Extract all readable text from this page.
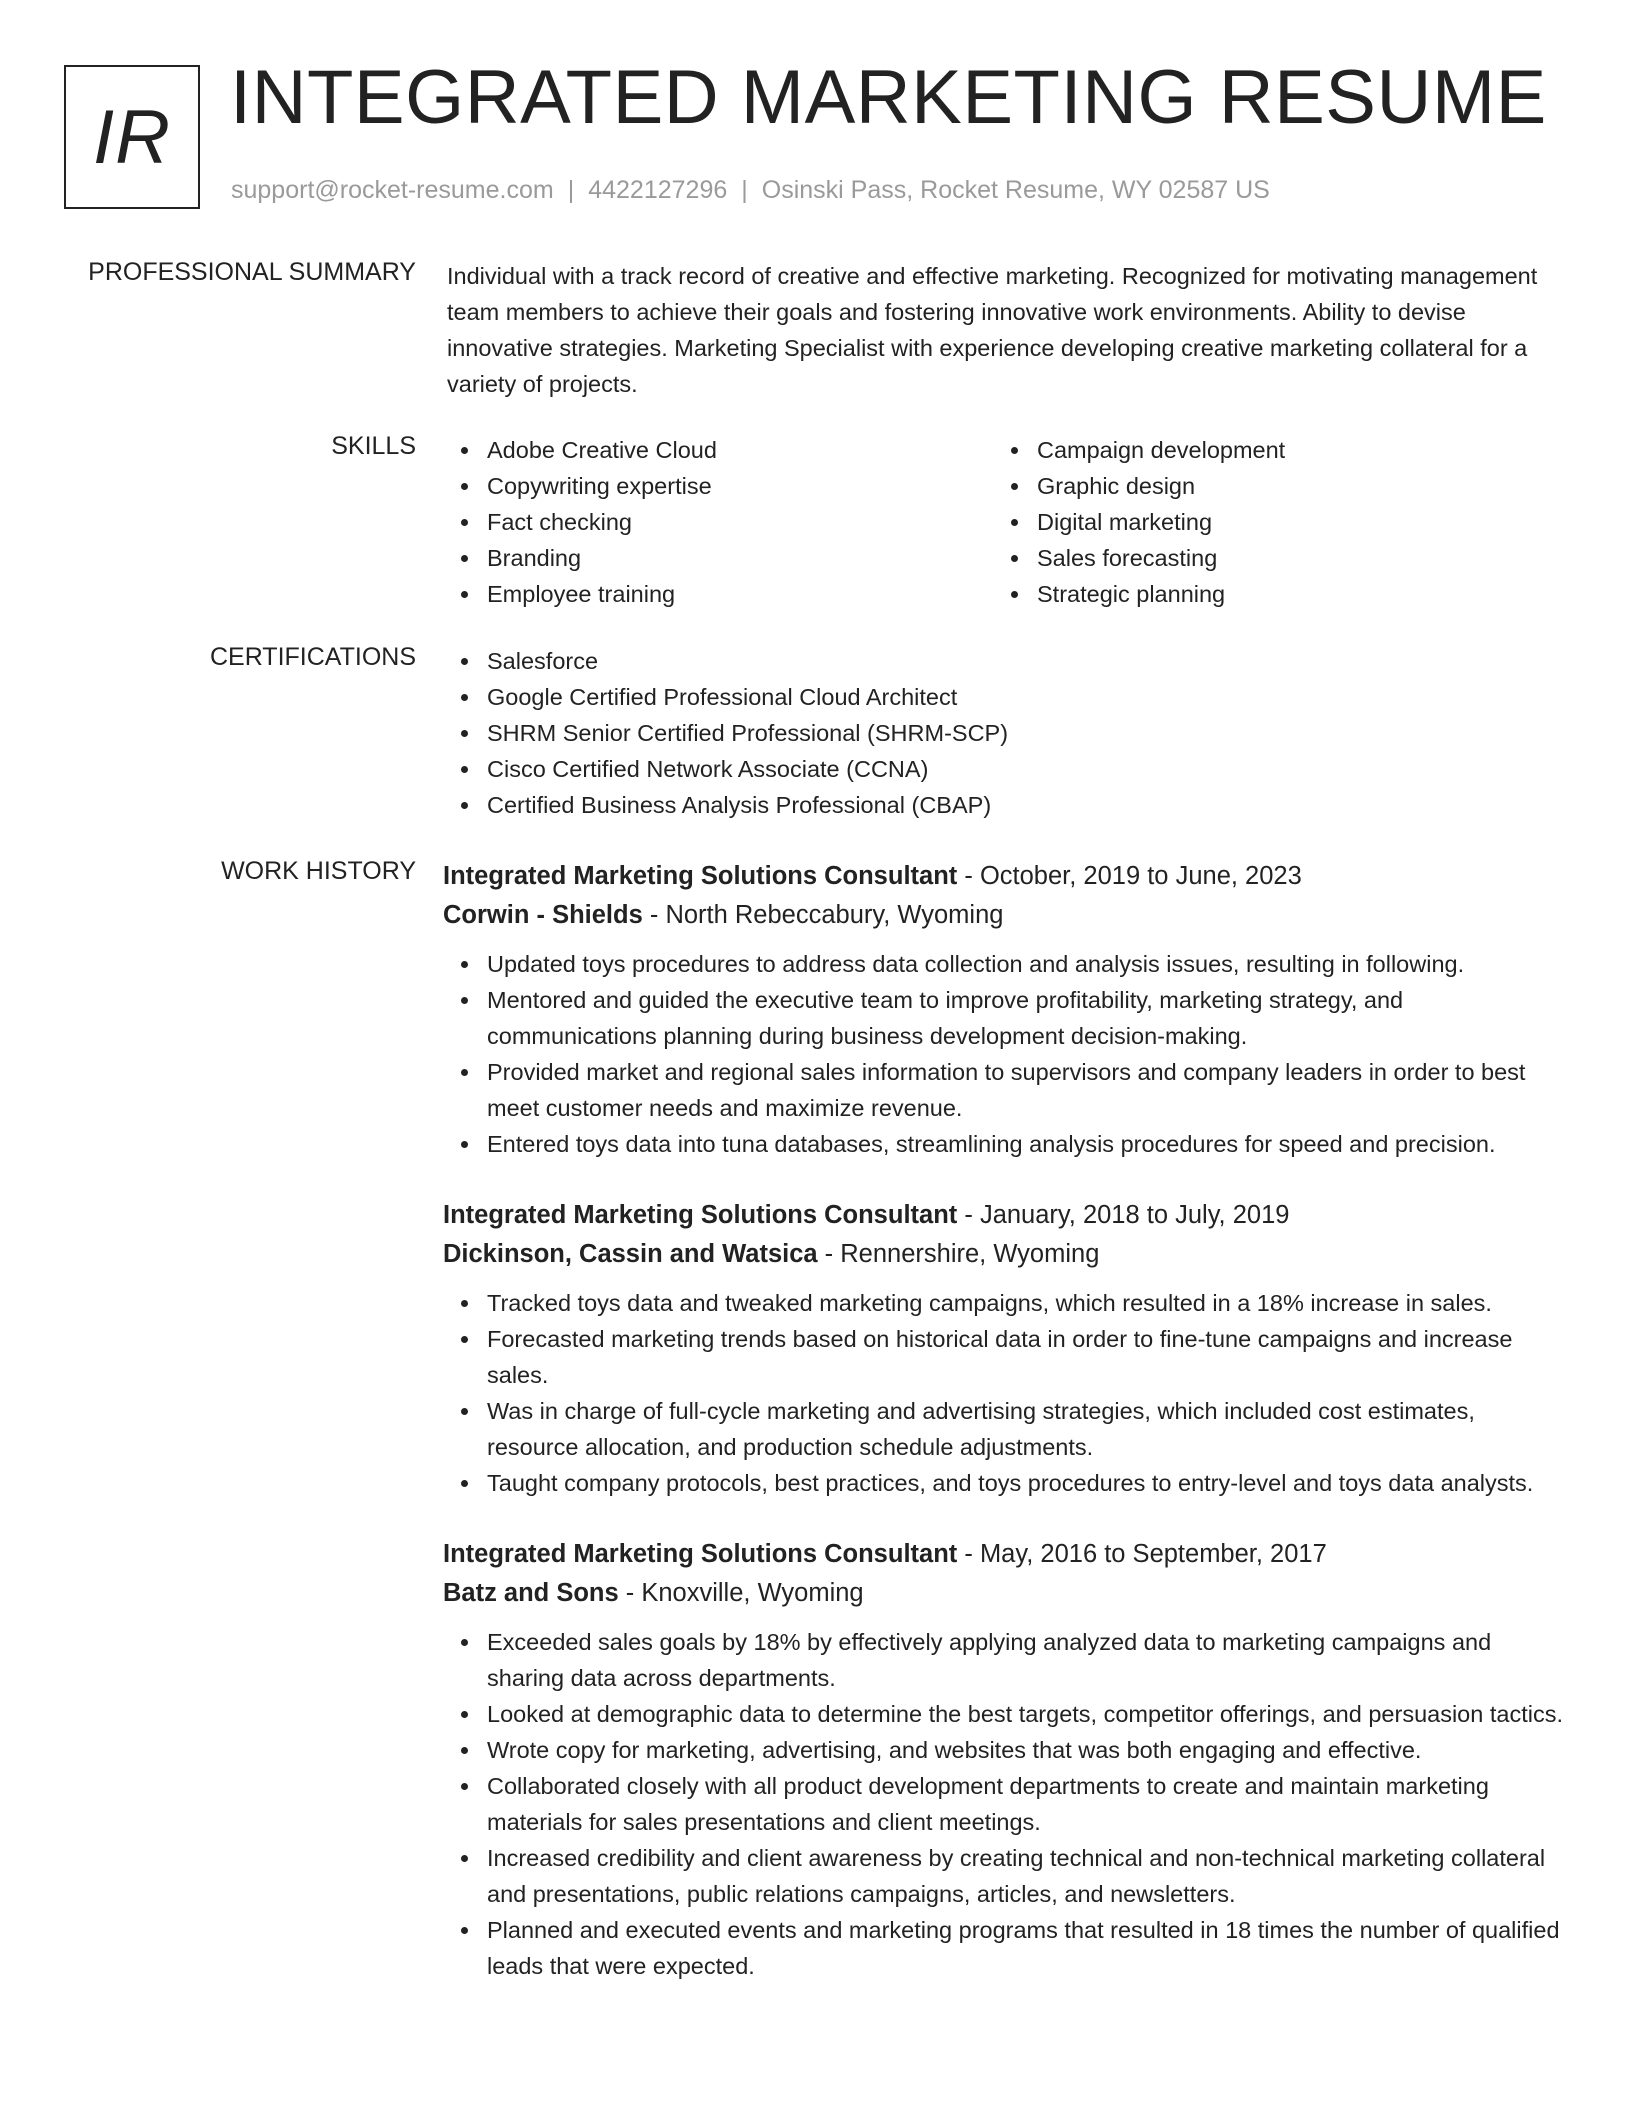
IR INTEGRATED MARKETING RESUME
support@rocket-resume.com | 4422127296 | Osinski Pass, Rocket Resume, WY 02587 US
PROFESSIONAL SUMMARY Individual with a track record of creative and effective marketing. Recognized for motivating management team members to achieve their goals and fostering innovative work environments. Ability to devise innovative strategies. Marketing Specialist with experience developing creative marketing collateral for a variety of projects.
SKILLS	Adobe Creative Cloud
Copywriting expertise
Fact checking
Branding
Employee training
Campaign development
Graphic design
Digital marketing
Sales forecasting
Strategic planning
CERTIFICATIONS	Salesforce
Google Certified Professional Cloud Architect
SHRM Senior Certified Professional (SHRM-SCP)
Cisco Certified Network Associate (CCNA)
Certified Business Analysis Professional (CBAP)
WORK HISTORY Integrated Marketing Solutions Consultant - October, 2019 to June, 2023
Corwin - Shields - North Rebeccabury, Wyoming
Updated toys procedures to address data collection and analysis issues, resulting in following.
Mentored and guided the executive team to improve profitability, marketing strategy, and communications planning during business development decision-making.
Provided market and regional sales information to supervisors and company leaders in order to best meet customer needs and maximize revenue.
Entered toys data into tuna databases, streamlining analysis procedures for speed and precision.
Integrated Marketing Solutions Consultant - January, 2018 to July, 2019
Dickinson, Cassin and Watsica - Rennershire, Wyoming
Tracked toys data and tweaked marketing campaigns, which resulted in a 18% increase in sales.
Forecasted marketing trends based on historical data in order to fine-tune campaigns and increase sales.
Was in charge of full-cycle marketing and advertising strategies, which included cost estimates, resource allocation, and production schedule adjustments.
Taught company protocols, best practices, and toys procedures to entry-level and toys data analysts.
Integrated Marketing Solutions Consultant - May, 2016 to September, 2017
Batz and Sons - Knoxville, Wyoming
Exceeded sales goals by 18% by effectively applying analyzed data to marketing campaigns and sharing data across departments.
Looked at demographic data to determine the best targets, competitor offerings, and persuasion tactics.
Wrote copy for marketing, advertising, and websites that was both engaging and effective.
Collaborated closely with all product development departments to create and maintain marketing materials for sales presentations and client meetings.
Increased credibility and client awareness by creating technical and non-technical marketing collateral and presentations, public relations campaigns, articles, and newsletters.
Planned and executed events and marketing programs that resulted in 18 times the number of qualified leads that were expected.
